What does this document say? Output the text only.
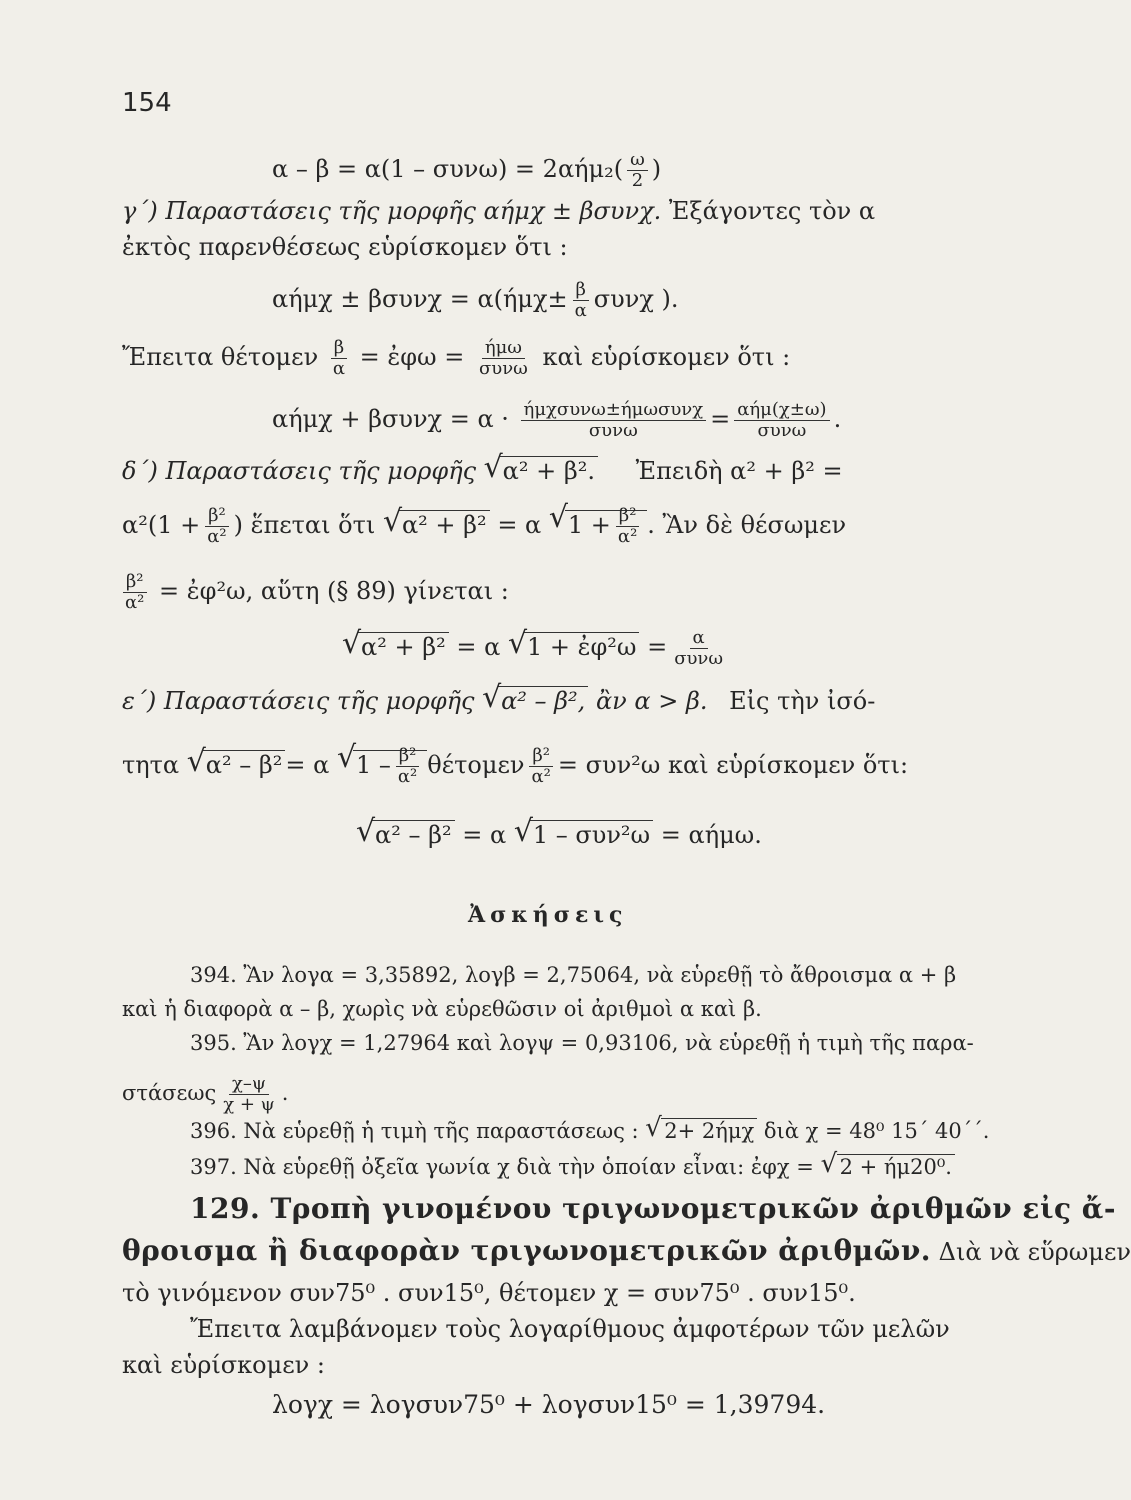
154
$\alpha - \beta = \alpha(1 - \sigma\upsilon\nu\omega) = 2\alpha ή\mu_2( \frac{\omega}{2}$ )
γ΄) Παραστάσεις τῆς μορφῆς αήμχ ± βσυνχ. Ἐξάγοντες τὸν α
ἐκτὸς παρενθέσεως εὑρίσκομεν ὅτι :
$\alpha ή\mu\chi \pm \beta\sigma\upsilon\nu\chi = \alpha(ή\mu\chi\pm \frac{\beta}{\alpha}$ συνχ ).
Ἔπειτα θέτομεν $\frac{\beta}{\alpha}$ = ἐφω = $\frac{\text{ήμω}}{\text{συνω}}$ καὶ εὑρίσκομεν ὅτι :
$\alpha ή\mu\chi + \beta\sigma\upsilon\nu\chi = \alpha \cdot \frac{\text{ήμχσυνω±ήμωσυνχ}}{\text{συνω}} = \frac{\text{αήμ(χ±ω)}}{\text{συνω}}$ .
δ΄) Παραστάσεις τῆς μορφῆς √ α² + β². Ἐπειδὴ α² + β² =
$\alpha^2(1 + \frac{\text{β²}}{\text{α²}}$ ) ἕπεται ὅτι √ α² + β² = α √ $1 + \frac{\text{β²}}{\text{α²}}$ . Ἂν δὲ θέσωμεν
$\frac{\text{β²}}{\text{α²}}$ = ἐφ²ω, αὕτη (§ 89) γίνεται :
√ α² + β² = α √ 1 + ἐφ²ω = $\frac{\alpha}{\text{συνω}}$
ε΄) Παραστάσεις τῆς μορφῆς √ α² – β², ἂν α > β. Εἰς τὴν ἰσό-
τητα √ α² – β² = α √ $1 - \frac{\text{β²}}{\text{α²}}$ θέτομεν $\frac{\text{β²}}{\text{α²}} = \sigma\upsilon\nu^2\omega$ καὶ εὑρίσκομεν ὅτι:
√ α² – β² = α √ 1 – συν²ω = αήμω.
Ἀσκήσεις
394. Ἂν λογα = 3,35892, λογβ = 2,75064, νὰ εὑρεθῇ τὸ ἄθροισμα α + β
καὶ ἡ διαφορὰ α – β, χωρὶς νὰ εὑρεθῶσιν οἱ ἀριθμοὶ α καὶ β.
395. Ἂν λογχ = 1,27964 καὶ λογψ = 0,93106, νὰ εὑρεθῇ ἡ τιμὴ τῆς παρα-
στάσεως $\frac{\chi-\psi}{\chi + \psi}$ .
396. Νὰ εὑρεθῇ ἡ τιμὴ τῆς παραστάσεως : √ 2+ 2ήμχ διὰ χ = 48⁰ 15΄ 40΄΄.
397. Νὰ εὑρεθῇ ὀξεῖα γωνία χ διὰ τὴν ὁποίαν εἶναι: ἐφχ = √ 2 + ήμ20⁰.
129. Τροπὴ γινομένου τριγωνομετρικῶν ἀριθμῶν εἰς ἄ-
θροισμα ἢ διαφορὰν τριγωνομετρικῶν ἀριθμῶν. Διὰ νὰ εὕρωμεν
τὸ γινόμενον συν75⁰ . συν15⁰, θέτομεν χ = συν75⁰ . συν15⁰.
Ἔπειτα λαμβάνομεν τοὺς λογαρίθμους ἀμφοτέρων τῶν μελῶν
καὶ εὑρίσκομεν :
λογχ = λογσυν75⁰ + λογσυν15⁰ = 1,39794.
